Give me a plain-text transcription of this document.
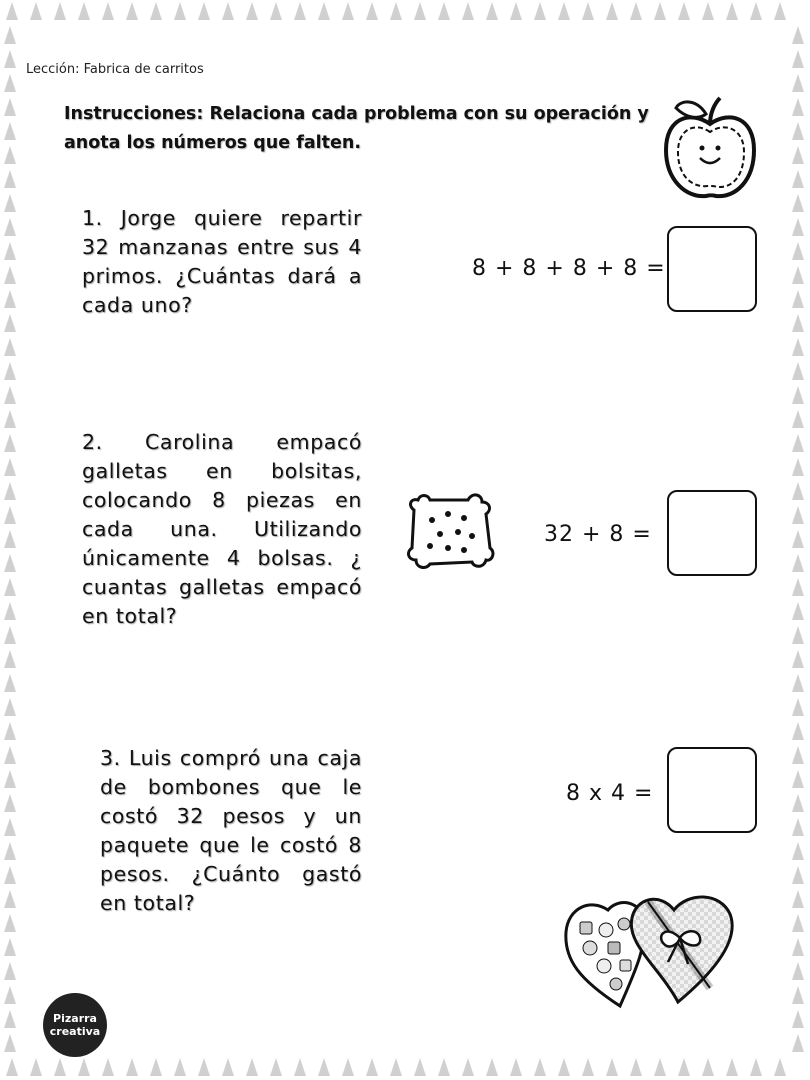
Lección: Fabrica de carritos
Instrucciones: Relaciona cada problema con su operación y anota los números que falten.
1. Jorge quiere repartir 32 manzanas entre sus 4 primos. ¿Cuántas dará a cada uno?
8 + 8 + 8 + 8 =
2. Carolina empacó galletas en bolsitas, colocando 8 piezas en cada una. Utilizando únicamente 4 bolsas. ¿ cuantas galletas empacó en total?
32 + 8 =
3. Luis compró una caja de bombones que le costó 32 pesos y un paquete que le costó 8 pesos. ¿Cuánto gastó en total?
8 x 4 =
Pizarra
creativa
